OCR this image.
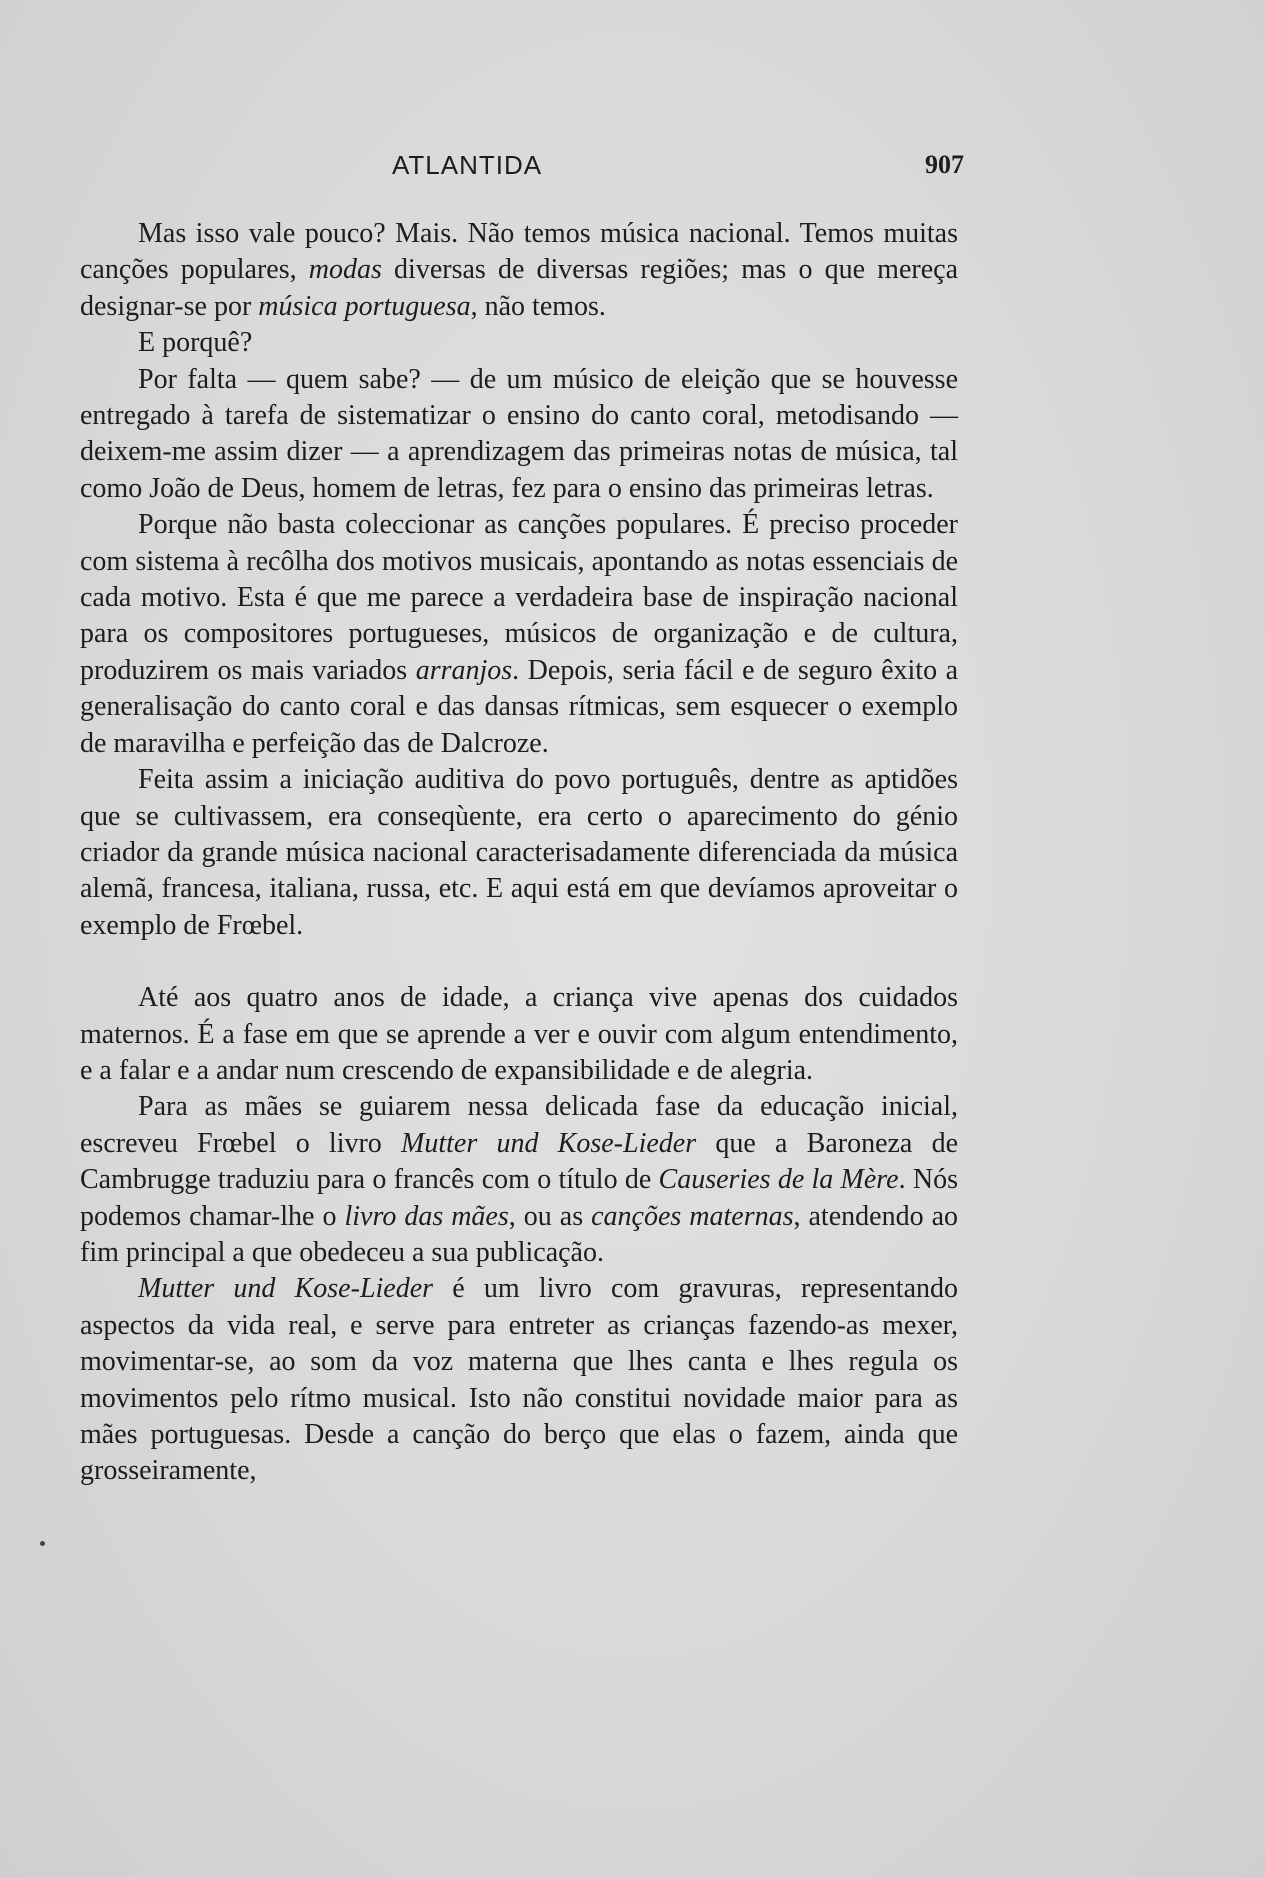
ATLANTIDA	907

Mas isso vale pouco? Mais. Não temos música nacional. Temos muitas canções populares, modas diversas de diversas regiões; mas o que mereça designar-se por música portuguesa, não temos.

E porquê?

Por falta — quem sabe? — de um músico de eleição que se houvesse entregado à tarefa de sistematizar o ensino do canto coral, metodisando — deixem-me assim dizer — a aprendizagem das primeiras notas de música, tal como João de Deus, homem de letras, fez para o ensino das primeiras letras.

Porque não basta coleccionar as canções populares. É preciso proceder com sistema à recôlha dos motivos musicais, apontando as notas essenciais de cada motivo. Esta é que me parece a verdadeira base de inspiração nacional para os compositores portugueses, músicos de organização e de cultura, produzirem os mais variados arranjos. Depois, seria fácil e de seguro êxito a generalisação do canto coral e das dansas rítmicas, sem esquecer o exemplo de maravilha e perfeição das de Dalcroze.

Feita assim a iniciação auditiva do povo português, dentre as aptidões que se cultivassem, era conseqùente, era certo o aparecimento do génio criador da grande música nacional caracterisadamente diferenciada da música alemã, francesa, italiana, russa, etc. E aqui está em que devíamos aproveitar o exemplo de Frœbel.

Até aos quatro anos de idade, a criança vive apenas dos cuidados maternos. É a fase em que se aprende a ver e ouvir com algum entendimento, e a falar e a andar num crescendo de expansibilidade e de alegria.

Para as mães se guiarem nessa delicada fase da educação inicial, escreveu Frœbel o livro Mutter und Kose-Lieder que a Baroneza de Cambrugge traduziu para o francês com o título de Causeries de la Mère. Nós podemos chamar-lhe o livro das mães, ou as canções maternas, atendendo ao fim principal a que obedeceu a sua publicação.

Mutter und Kose-Lieder é um livro com gravuras, representando aspectos da vida real, e serve para entreter as crianças fazendo-as mexer, movimentar-se, ao som da voz materna que lhes canta e lhes regula os movimentos pelo rítmo musical. Isto não constitui novidade maior para as mães portuguesas. Desde a canção do berço que elas o fazem, ainda que grosseiramente,
